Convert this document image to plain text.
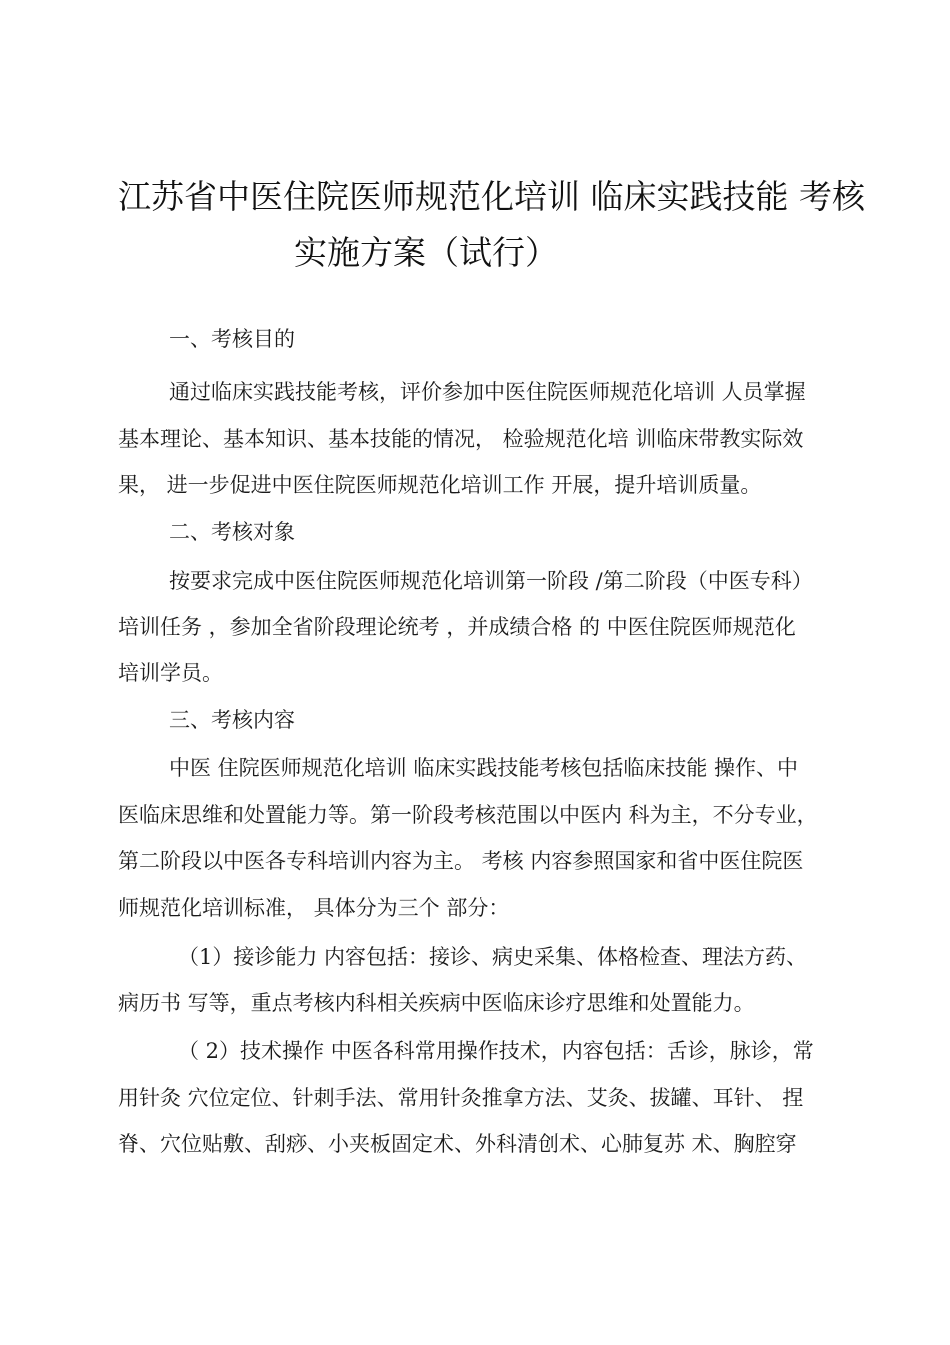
江苏省中医住院医师规范化培训 临床实践技能 考核
实施方案（试行）
一、考核目的
通过临床实践技能考核，评价参加中医住院医师规范化培训 人员掌握
基本理论、基本知识、基本技能的情况， 检验规范化培 训临床带教实际效
果， 进一步促进中医住院医师规范化培训工作 开展，提升培训质量。
二、考核对象
按要求完成中医住院医师规范化培训第一阶段 /第二阶段（中医专科）
培训任务 ，参加全省阶段理论统考 ，并成绩合格 的 中医住院医师规范化
培训学员。
三、考核内容
中医 住院医师规范化培训 临床实践技能考核包括临床技能 操作、中
医临床思维和处置能力等。第一阶段考核范围以中医内 科为主，不分专业，
第二阶段以中医各专科培训内容为主。 考核 内容参照国家和省中医住院医
师规范化培训标准， 具体分为三个 部分：
（1）接诊能力 内容包括：接诊、病史采集、体格检查、理法方药、
病历书 写等，重点考核内科相关疾病中医临床诊疗思维和处置能力。
（ 2）技术操作 中医各科常用操作技术，内容包括：舌诊，脉诊，常
用针灸 穴位定位、针刺手法、常用针灸推拿方法、艾灸、拔罐、耳针、 捏
脊、穴位贴敷、刮痧、小夹板固定术、外科清创术、心肺复苏 术、胸腔穿
